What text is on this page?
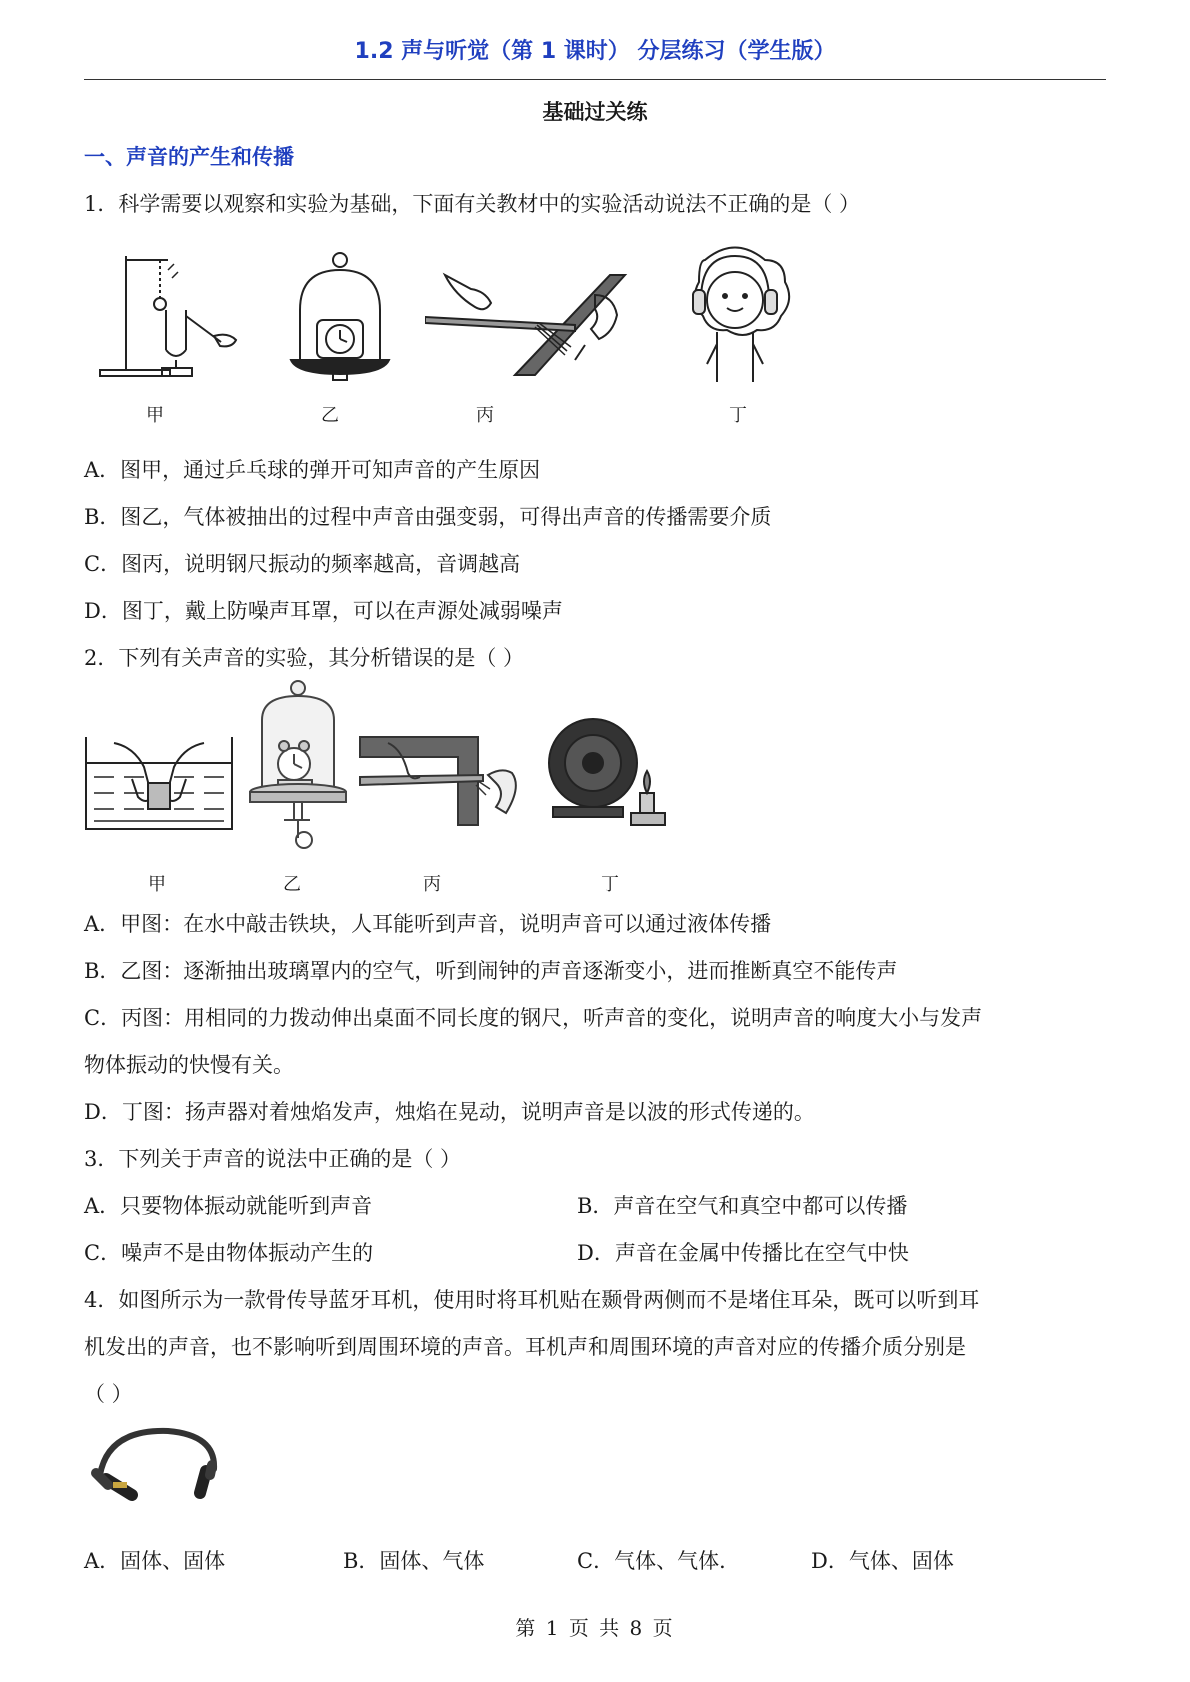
1.2 声与听觉（第 1 课时） 分层练习（学生版）
基础过关练
一、声音的产生和传播
1．科学需要以观察和实验为基础，下面有关教材中的实验活动说法不正确的是（ ）
甲	乙	丙	丁
A．图甲，通过乒乓球的弹开可知声音的产生原因
B．图乙，气体被抽出的过程中声音由强变弱，可得出声音的传播需要介质
C．图丙，说明钢尺振动的频率越高，音调越高
D．图丁，戴上防噪声耳罩，可以在声源处减弱噪声
2．下列有关声音的实验，其分析错误的是（ ）
甲	乙	丙	丁
A．甲图：在水中敲击铁块，人耳能听到声音，说明声音可以通过液体传播
B．乙图：逐渐抽出玻璃罩内的空气，听到闹钟的声音逐渐变小，进而推断真空不能传声
C．丙图：用相同的力拨动伸出桌面不同长度的钢尺，听声音的变化，说明声音的响度大小与发声
物体振动的快慢有关。
D．丁图：扬声器对着烛焰发声，烛焰在晃动，说明声音是以波的形式传递的。
3．下列关于声音的说法中正确的是（ ）
A．只要物体振动就能听到声音	B．声音在空气和真空中都可以传播
C．噪声不是由物体振动产生的	D．声音在金属中传播比在空气中快
4．如图所示为一款骨传导蓝牙耳机，使用时将耳机贴在颞骨两侧而不是堵住耳朵，既可以听到耳
机发出的声音，也不影响听到周围环境的声音。耳机声和周围环境的声音对应的传播介质分别是
（ ）
A．固体、固体	B．固体、气体	C．气体、气体．	D．气体、固体
第 1 页 共 8 页
